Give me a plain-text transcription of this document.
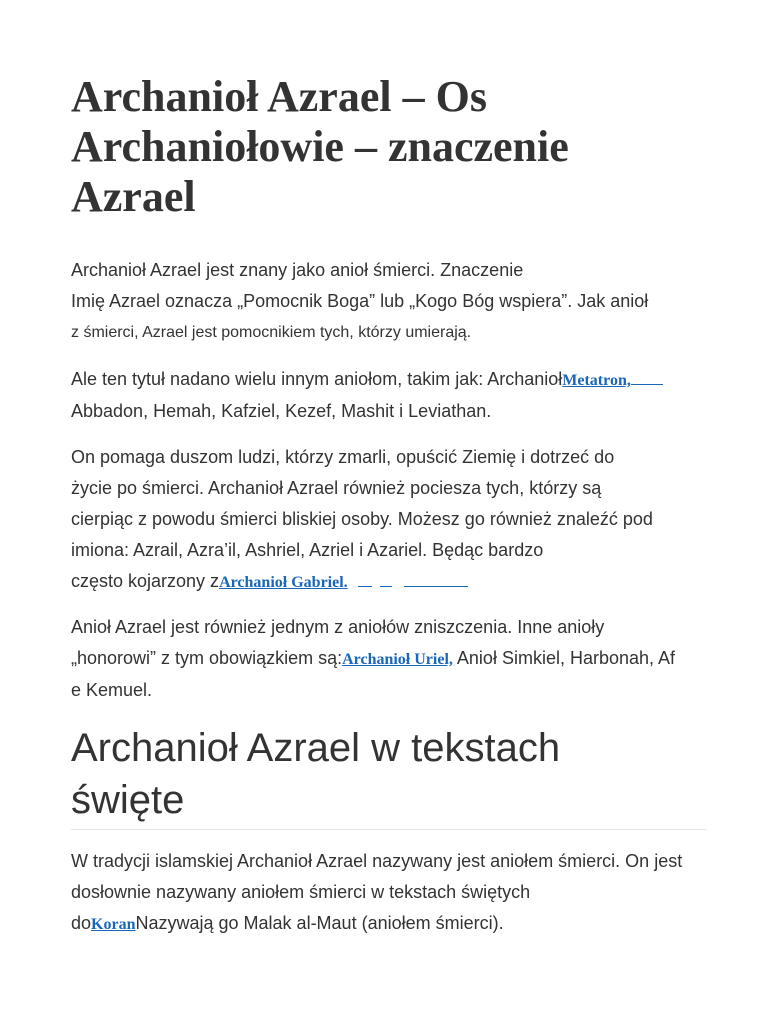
Archanioł Azrael – Os
Archaniołowie – znaczenie
Azrael

Archanioł Azrael jest znany jako anioł śmierci. Znaczenie
Imię Azrael oznacza „Pomocnik Boga” lub „Kogo Bóg wspiera”. Jak anioł
z śmierci, Azrael jest pomocnikiem tych, którzy umierają.

Ale ten tytuł nadano wielu innym aniołom, takim jak: ArchaniołMetatron,
Abbadon, Hemah, Kafziel, Kezef, Mashit i Leviathan.

On pomaga duszom ludzi, którzy zmarli, opuścić Ziemię i dotrzeć do
życie po śmierci. Archanioł Azrael również pociesza tych, którzy są
cierpiąc z powodu śmierci bliskiej osoby. Możesz go również znaleźć pod
imiona: Azrail, Azra’il, Ashriel, Azriel i Azariel. Będąc bardzo
często kojarzony zArchanioł Gabriel.

Anioł Azrael jest również jednym z aniołów zniszczenia. Inne anioły
„honorowi” z tym obowiązkiem są:Archanioł Uriel, Anioł Simkiel, Harbonah, Af
e Kemuel.

Archanioł Azrael w tekstach
święte

W tradycji islamskiej Archanioł Azrael nazywany jest aniołem śmierci. On jest
dosłownie nazywany aniołem śmierci w tekstach świętych
doKoranNazywają go Malak al-Maut (aniołem śmierci).
